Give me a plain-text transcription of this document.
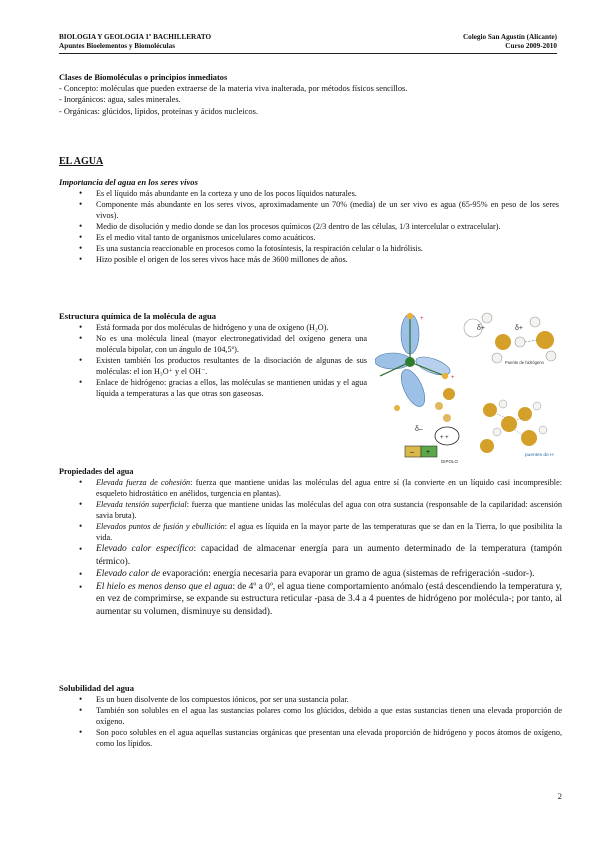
BIOLOGIA Y GEOLOGIA 1º BACHILLERATO
Apuntes Bioelementos y Biomoléculas
Colegio San Agustín (Alicante)
Curso 2009-2010

Clases de Biomoléculas o principios inmediatos

- Concepto: moléculas que pueden extraerse de la materia viva inalterada, por métodos físicos sencillos.

- Inorgánicos: agua, sales minerales.

- Orgánicas: glúcidos, lípidos, proteínas y ácidos nucleicos.

EL AGUA
Importancia del agua en los seres vivos
• Es el líquido más abundante en la corteza y uno de los pocos líquidos naturales.
• Componente más abundante en los seres vivos, aproximadamente un 70% (media) de un ser vivo es agua (65-95% en peso de los seres vivos).
• Medio de disolución y medio donde se dan los procesos químicos (2/3 dentro de las células, 1/3 intercelular o extracelular).
• Es el medio vital tanto de organismos unicelulares como acuáticos.
• Es una sustancia reaccionable en procesos como la fotosíntesis, la respiración celular o la hidrólisis.
• Hizo posible el origen de los seres vivos hace más de 3600 millones de años.
Estructura química de la molécula de agua
• Está formada por dos moléculas de hidrógeno y una de oxígeno (H₂O).
• No es una molécula lineal (mayor electronegatividad del oxígeno genera una molécula bipolar, con un ángulo de 104,5º).
• Existen también los productos resultantes de la disociación de algunas de sus moléculas: el ion H₃O⁺ y el OH⁻.
• Enlace de hidrógeno: gracias a ellos, las moléculas se mantienen unidas y el agua líquida a temperaturas a las que otras son gaseosas.
+
+
δ+	δ+
Puente de hidrógeno
δ–
+ +
puentes de H
– +
DIPOLO
Propiedades del agua
• Elevada fuerza de cohesión: fuerza que mantiene unidas las moléculas del agua entre sí (la convierte en un líquido casi incompresible: esqueleto hidrostático en anélidos, turgencia en plantas).
• Elevada tensión superficial: fuerza que mantiene unidas las moléculas del agua con otra sustancia (responsable de la capilaridad: ascensión savia bruta).
• Elevados puntos de fusión y ebullición: el agua es líquida en la mayor parte de las temperaturas que se dan en la Tierra, lo que posibilita la vida.
• Elevado calor específico: capacidad de almacenar energía para un aumento determinado de la temperatura (tampón térmico).
• Elevado calor de evaporación: energía necesaria para evaporar un gramo de agua (sistemas de refrigeración -sudor-).
• El hielo es menos denso que el agua: de 4º a 0º, el agua tiene comportamiento anómalo (está descendiendo la temperatura y, en vez de comprimirse, se expande su estructura reticular -pasa de 3.4 a 4 puentes de hidrógeno por molécula-; por tanto, al aumentar su volumen, disminuye su densidad).
Solubilidad del agua
• Es un buen disolvente de los compuestos iónicos, por ser una sustancia polar.
• También son solubles en el agua las sustancias polares como los glúcidos, debido a que estas sustancias tienen una elevada proporción de oxígeno.
• Son poco solubles en el agua aquellas sustancias orgánicas que presentan una elevada proporción de hidrógeno y pocos átomos de oxígeno, como los lípidos.
2
